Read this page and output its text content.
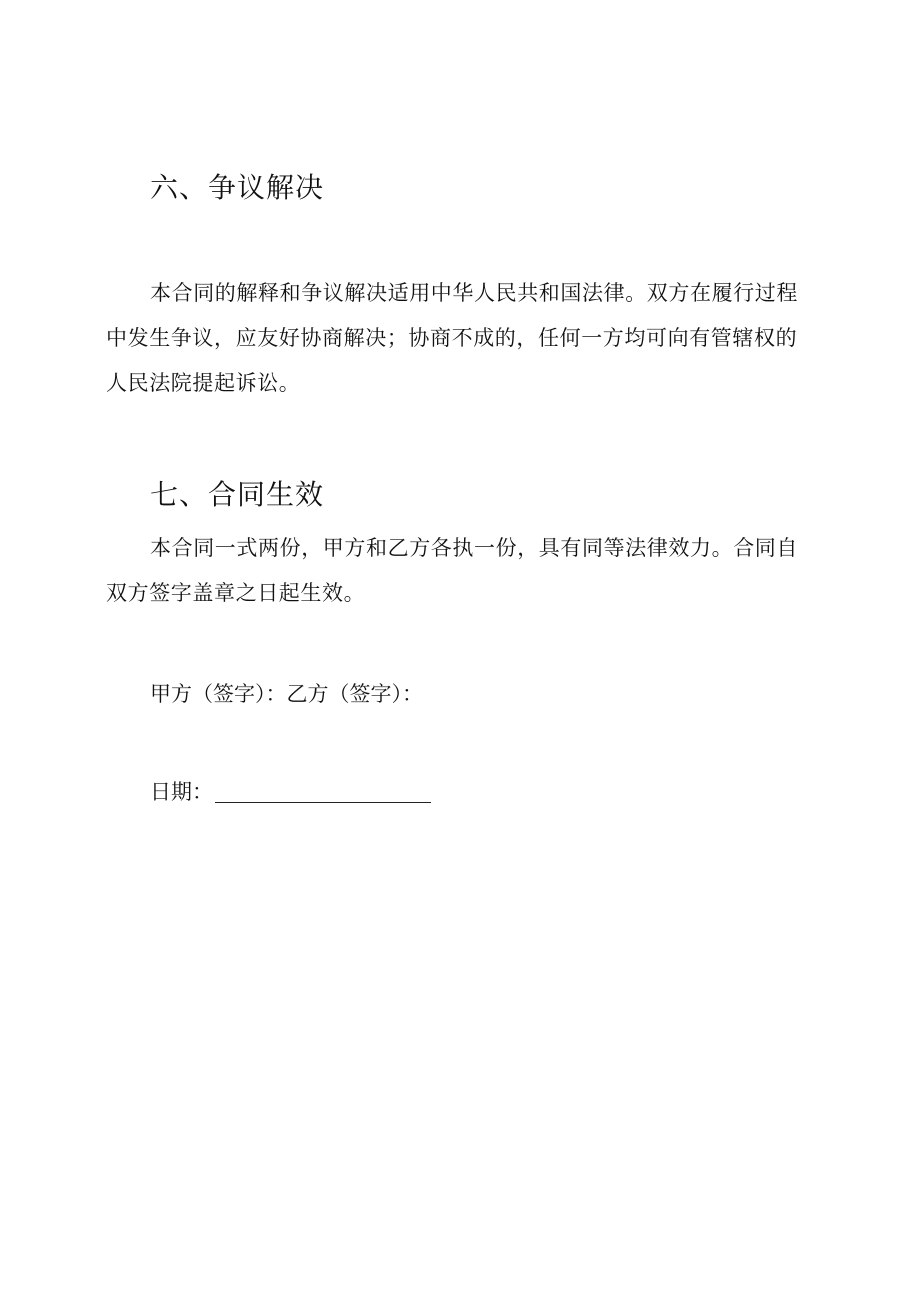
六、争议解决

本合同的解释和争议解决适用中华人民共和国法律。双方在履行过程中发生争议，应友好协商解决；协商不成的，任何一方均可向有管辖权的人民法院提起诉讼。

七、合同生效

本合同一式两份，甲方和乙方各执一份，具有同等法律效力。合同自双方签字盖章之日起生效。

甲方（签字）：乙方（签字）：

日期：
